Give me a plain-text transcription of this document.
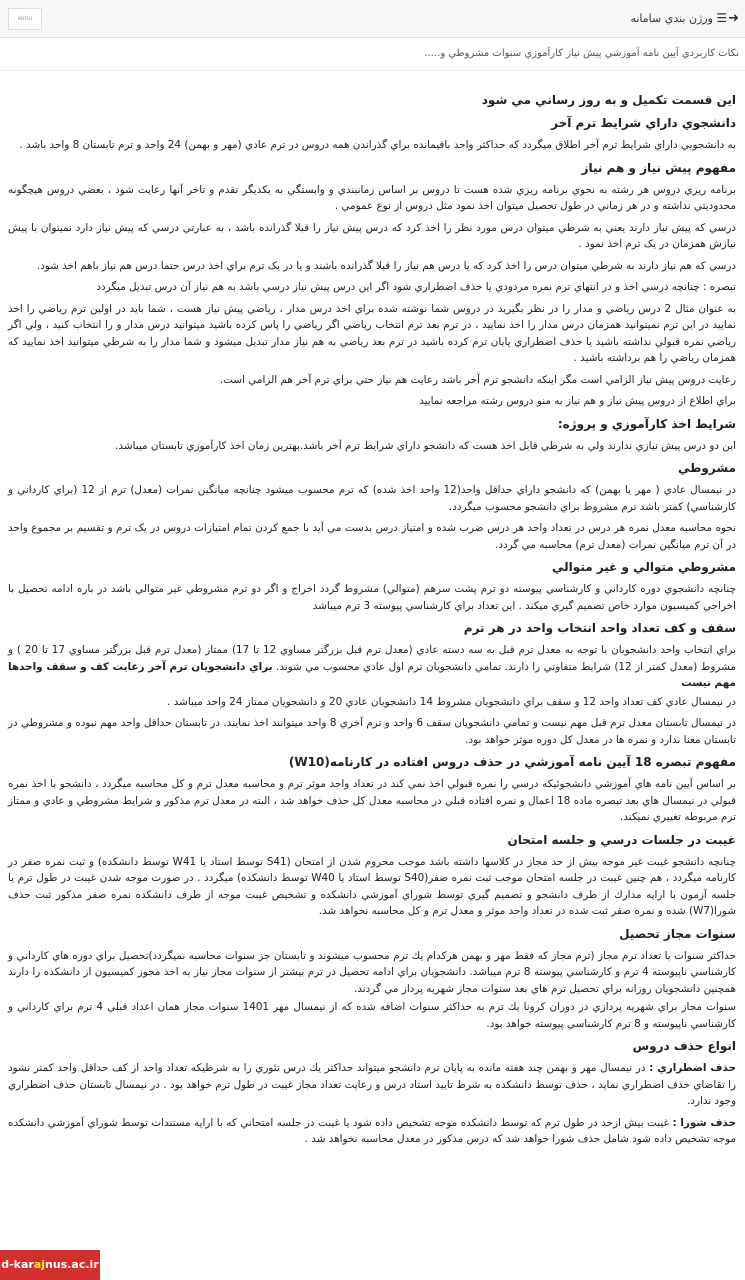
➜
☰
ورژن بندي سامانه
iemu
نکات کاربردي آيين نامه آموزشي پيش نياز کارآموزي سنوات مشروطي و.....
اين قسمت تکميل و به روز رساني مي شود
دانشجوي داراي شرايط ترم آخر

به دانشجويي داراي شرايط ترم آخر اطلاق ميگردد كه حداكثر واحد باقيمانده براي گذراندن همه دروس در ترم عادي (مهر و بهمن) 24 واحد و ترم تابستان 8 واحد باشد .

مفهوم پيش نياز و هم نياز

برنامه ريزي دروس هر رشته به نحوي برنامه ريزي شده هست تا دروس بر اساس زمانبندي و وابستگي به يکديگر تقدم و تاخر آنها رعايت شود ، بعضي دروس هيچگونه محدوديتي نداشته و در هر زماني در طول تحصيل ميتوان اخذ نمود مثل دروس از نوع عمومي .

درسي که پيش نياز دارند يعني به شرطي ميتوان درس مورد نظر را اخذ کرد که درس پيش نياز را قبلا گذرانده باشد ، به عبارتي درسي که پيش نياز دارد نميتوان با پيش نيازش همزمان در يک ترم اخذ نمود .

درسي که هم نياز دارند به شرطي ميتوان درس را اخذ کرد که يا درس هم نياز را قبلا گذرانده باشند و يا در يک ترم براي اخذ درس حتما درس هم نياز باهم اخذ شود.

تبصره : چنانچه درسي اخذ و در انتهاي ترم نمره مردودي يا حذف اضطراري شود اگر اين درس پيش نياز درسي باشد به هم نياز آن درس تبديل ميگردد

به عنوان مثال 2 درس رياضي و مدار را در نظر بگيريد در دروس شما نوشته شده براي اخذ درس مدار ، رياضي پيش نياز هست ، شما بايد در اولين ترم رياضي را اخذ نماييد در اين ترم نميتوانيد همزمان درس مدار را اخذ نماييد ، در ترم بعد ترم انتخاب رياضي اگر رياضي را پاس کرده باشيد ميتوانيد درس مدار و را انتخاب کنيد ، ولي اگر رياضي نمره قبولي نداشته باشيد يا حذف اضطراري پايان ترم کرده باشيد در ترم بعد رياضي به هم نياز مدار تبديل ميشود و شما مدار را به شرطي ميتوانيد اخذ نماييد که همزمان رياضي را هم برداشته باشيد .

رعايت دروس پيش نياز الزامي است مگر اينکه دانشجو ترم آخر باشد رعايت هم نياز حتي براي ترم آخر هم الزامي است.

براي اطلاع از دروس پيش نياز و هم نياز به منو دروس رشته مراجعه نماييد

شرايط اخذ كارآموزي و پروژه:

اين دو درس پيش نيازي ندارند ولي به شرطي قابل اخذ هست که دانشجو داراي شرايط ترم آخر باشد.بهترين زمان اخذ کارآموزي تابستان ميباشد.

مشروطي

در نيمسال عادي ( مهر يا بهمن) كه دانشجو داراي حداقل واحد(12 واحد اخذ شده) که ترم محسوب ميشود چنانچه ميانگين نمرات (معدل) ترم از 12 (براي كارداني و كارشناسي) كمتر باشد ترم مشروط براي دانشجو محسوب ميگردد.

نحوه محاسبه معدل نمره هر درس در تعداد واحد هر درس ضرب شده و امتياز درس بدست مي آيد با جمع کردن تمام امتيازات دروس در يک ترم و تقسيم بر مجموع واحد در آن ترم ميانگين نمرات (معدل ترم) محاسبه مي گردد.

مشروطي متوالي و غير متوالي

چنانچه دانشجوي دوره کارداني و کارشناسي پيوسته دو ترم پشت سرهم (متوالي) مشروط گردد اخراج و اگر دو ترم مشروطي غير متوالي باشد در باره ادامه تحصيل با اخراجي کميسيون موارد خاص تصميم گيري ميکند . اين تعداد براي کارشناسي پيوسته 3 ترم ميباشد

سقف و كف تعداد واحد انتخاب واحد در هر ترم

براي انتخاب واحد دانشجويان با توجه به معدل ترم قبل به سه دسته عادي (معدل ترم قبل بزرگتر مساوي 12 تا 17) ممتاز (معدل ترم قبل بزرگتر مساوي 17 تا 20 ) و مشروط (معدل كمتر از 12) شرايط متفاوتي را دارند. تمامي دانشجويان ترم اول عادي محسوب مي شوند. براي دانشجويان ترم آخر رعايت کف و سقف واحدها مهم نيست

در نيمسال عادي كف تعداد واحد 12 و سقف براي دانشجويان مشروط 14 دانشجويان عادي 20 و دانشجويان ممتاز 24 واحد ميباشد .

در نيمسال تابستان معدل ترم قبل مهم نيست و تمامي دانشجويان سقف 6 واحد و ترم آخري 8 واحد ميتوانند اخذ نمايند. در تابستان حداقل واحد مهم نبوده و مشروطي در تابستان معنا ندارد و نمره ها در معدل کل دوره موثر خواهد بود.

مفهوم تبصره 18 آيين نامه آموزشي در حذف دروس افتاده در كارنامه(W10)

بر اساس آيين نامه هاي آموزشي دانشجوئيکه درسي را نمره قبولي اخذ نمي کند در تعداد واحد موثر ترم و محاسبه معدل ترم و کل محاسبه ميگردد ، دانشجو با اخذ نمره قبولي در نيمسال هاي بعد تبصره ماده 18 اعمال و نمره افتاده قبلي در محاسبه معدل کل حذف خواهد شد ، البته در معدل ترم مذکور و شرايط مشروطي و عادي و ممتاز ترم مربوطه تغييري نميکند.

غيبت در جلسات درسي و جلسه امتحان

چنانچه دانشجو غيبت غير موجه بيش از حد مجاز در کلاسها داشته باشد موجب محروم شدن از امتحان (S41 توسط استاد يا W41 توسط دانشكده) و ثبت نمره صفر در كارنامه ميگردد ، هم چنين غيبت در جلسه امتحان موجب ثبت نمره صفر(S40 توسط استاد يا W40 توسط دانشكده) ميگردد . در صورت موجه شدن غيبت در طول ترم يا جلسه آزمون با ارايه مدارك از طرف دانشجو و تصميم گيري توسط شوراي آموزشي دانشكده و تشخيص غيبت موجه از طرف دانشكده نمره صفر مذكور ثبت حذف شورا(W7) شده و نمره صفر ثبت شده در تعداد واحد موثر و معدل ترم و كل محاسبه نخواهد شد.

سنوات مجاز تحصيل

حداكثر سنوات با تعداد ترم مجاز (ترم مجاز كه فقط مهر و بهمن هركدام يك ترم محسوب ميشوند و تابستان جز سنوات محاسبه نميگردد)تحصيل براي دوره هاي كارداني و كارشناسي ناپيوسته 4 ترم و كارشناسي پيوسته 8 ترم ميباشد. دانشجويان براي ادامه تحصيل در ترم بيشتر از سنوات مجاز نياز به اخذ مجوز كميسيون از دانشكده را دارند همچنين دانشجويان روزانه براي تحصيل ترم هاي بعد سنوات مجاز شهريه پرداز مي گردند.

سنوات مجاز براي شهريه پردازي در دوران كرونا يك ترم به حداكثر سنوات اضافه شده كه از نيمسال مهر 1401 سنوات مجاز همان اعداد قبلي 4 ترم براي كارداني و كارشناسي ناپيوسته و 8 ترم كارشناسي پيوسته خواهد بود.

انواع حذف دروس

حذف اضطراري : در نيمسال مهر و بهمن چند هفته مانده به پايان ترم دانشجو ميتواند حداكثر يك درس تئوري را به شرطيكه تعداد واحد از كف حداقل واحد كمتر نشود را تقاضاي حذف اضطراري نمايد ، حذف توسط دانشكده به شرط تاييد استاد درس و رعايت تعداد مجاز غيبت در طول ترم خواهد بود . در نيمسال تابستان حذف اضطراري وجود ندارد.

حذف شورا : غيبت بيش ازحد در طول ترم كه توسط دانشكده موجه تشخيص داده شود يا غيبت در جلسه امتحاني كه با ارايه مستندات توسط شوراي آموزشي دانشكده موجه تشخيص داده شود شامل حذف شورا خواهد شد كه درس مذكور در معدل محاسبه نخواهد شد .

d-karajnus.ac.ir
